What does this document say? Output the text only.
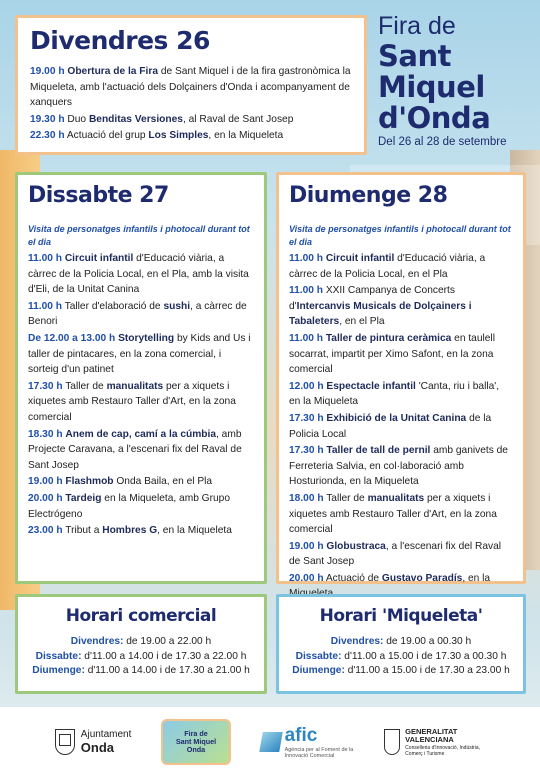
Fira de
Sant
Miquel
d'Onda
Del 26 al 28 de setembre
Divendres 26
19.00 h Obertura de la Fira de Sant Miquel i de la fira gastronòmica la Miqueleta, amb l'actuació dels Dolçainers d'Onda i acompanyament de xanquers
19.30 h Duo Benditas Versiones, al Raval de Sant Josep
22.30 h Actuació del grup Los Simples, en la Miqueleta
Dissabte 27
Visita de personatges infantils i photocall durant tot el dia
11.00 h Circuit infantil d'Educació viària, a càrrec de la Policia Local, en el Pla, amb la visita d'Eli, de la Unitat Canina
11.00 h Taller d'elaboració de sushi, a càrrec de Benori
De 12.00 a 13.00 h Storytelling by Kids and Us i taller de pintacares, en la zona comercial, i sorteig d'un patinet
17.30 h Taller de manualitats per a xiquets i xiquetes amb Restauro Taller d'Art, en la zona comercial
18.30 h Anem de cap, camí a la cúmbia, amb Projecte Caravana, a l'escenari fix del Raval de Sant Josep
19.00 h Flashmob Onda Baila, en el Pla
20.00 h Tardeig en la Miqueleta, amb Grupo Electrógeno
23.00 h Tribut a Hombres G, en la Miqueleta
Diumenge 28
Visita de personatges infantils i photocall durant tot el dia
11.00 h Circuit infantil d'Educació viària, a càrrec de la Policia Local, en el Pla
11.00 h XXII Campanya de Concerts d'Intercanvis Musicals de Dolçainers i Tabaleters, en el Pla
11.00 h Taller de pintura ceràmica en taulell socarrat, impartit per Ximo Safont, en la zona comercial
12.00 h Espectacle infantil 'Canta, riu i balla', en la Miqueleta
17.30 h Exhibició de la Unitat Canina de la Policia Local
17.30 h Taller de tall de pernil amb ganivets de Ferreteria Salvia, en col·laboració amb Hosturionda, en la Miqueleta
18.00 h Taller de manualitats per a xiquets i xiquetes amb Restauro Taller d'Art, en la zona comercial
19.00 h Globustraca, a l'escenari fix del Raval de Sant Josep
20.00 h Actuació de Gustavo Paradís, en la
Horari comercial
Divendres: de 19.00 a 22.00 h
Dissabte: d'11.00 a 14.00 i de 17.30 a 22.00 h
Diumenge: d'11.00 a 14.00 i de 17.30 a 21.00 h
Horari 'Miqueleta'
Divendres: de 19.00 a 00.30 h
Dissabte: d'11.00 a 15.00 i de 17.30 a 00.30 h
Diumenge: d'11.00 a 15.00 i de 17.30 a 23.00 h
Ajuntament
Onda
Fira de
Sant Miquel
Onda
afic
Agència per al Foment de la Innovació Comercial
GENERALITAT
VALENCIANA
Conselleria d'Innovació, Indústria, Comerç i Turisme
